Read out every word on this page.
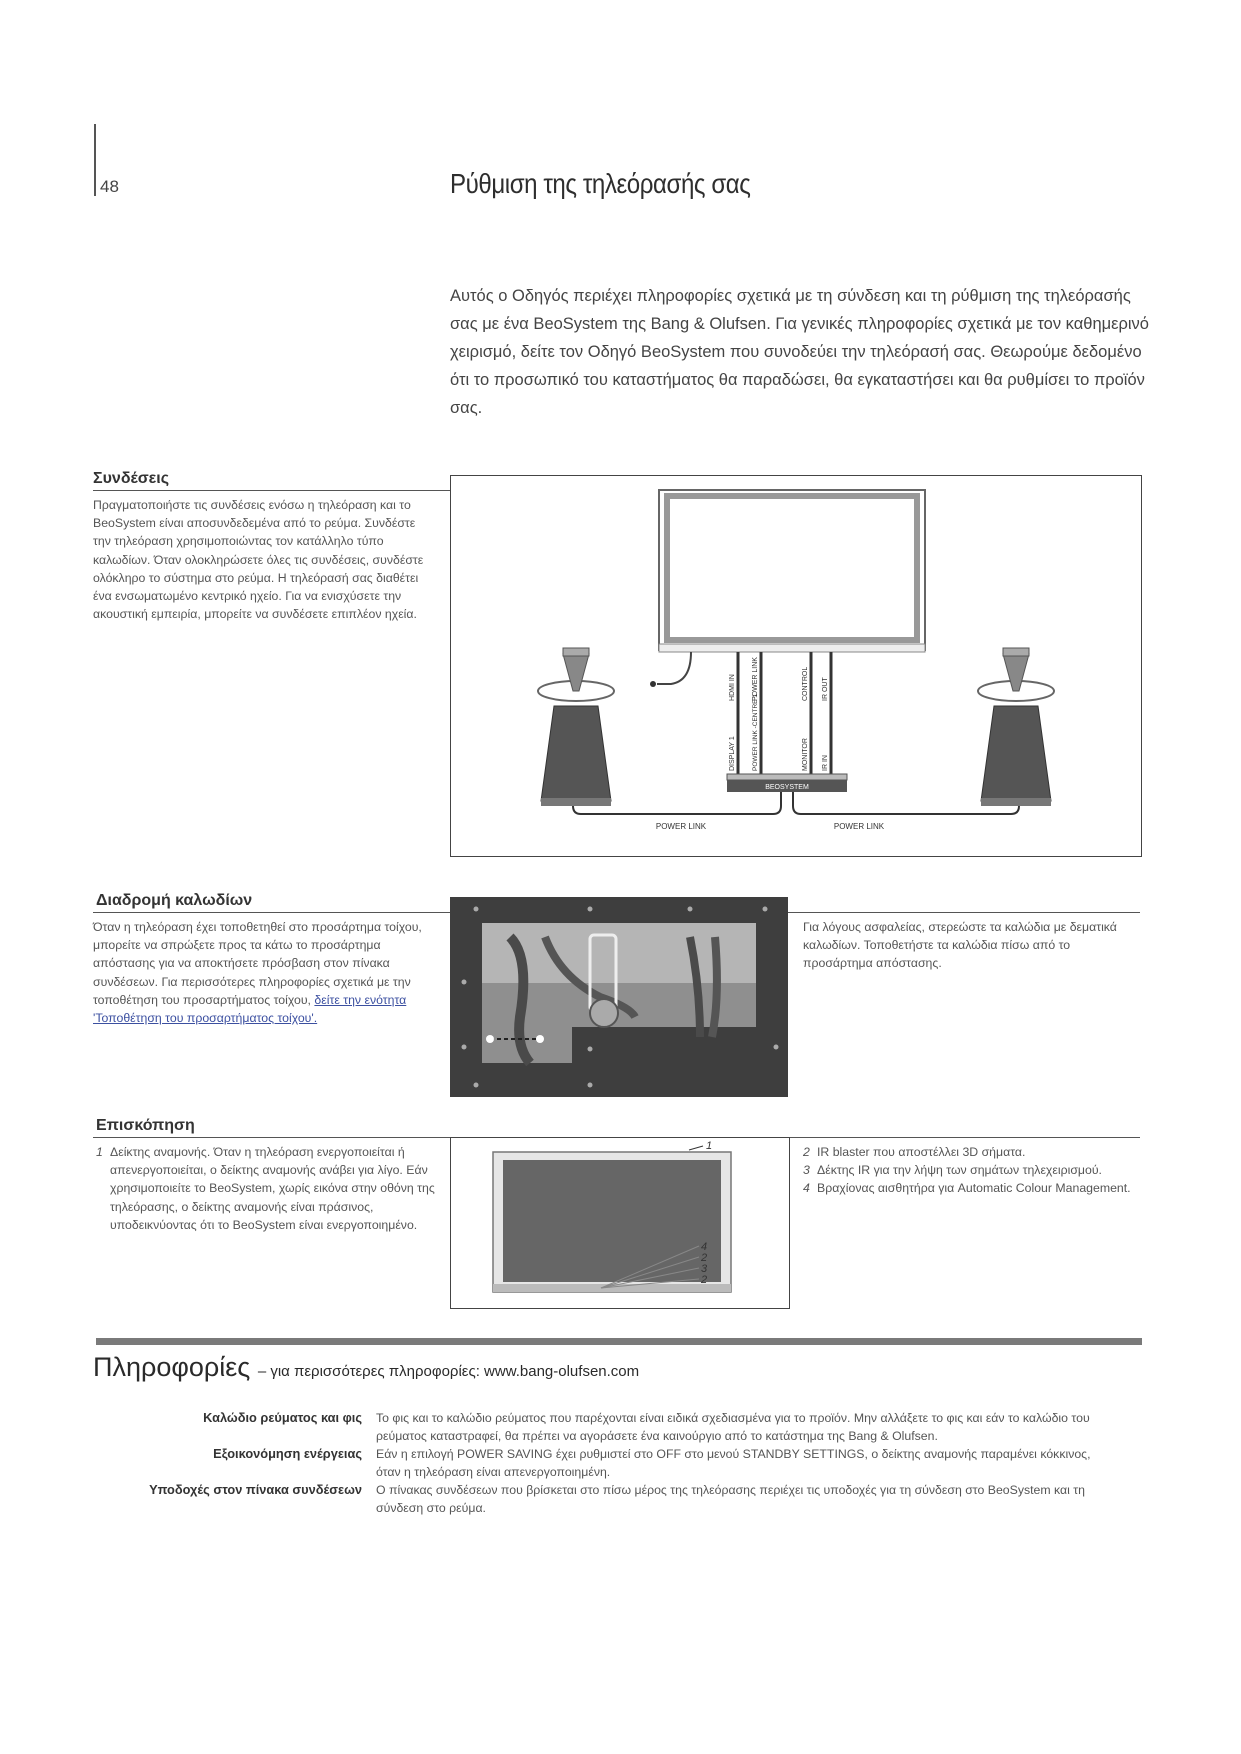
48	Ρύθμιση της τηλεόρασής σας
Αυτός ο Οδηγός περιέχει πληροφορίες σχετικά με τη σύνδεση και τη ρύθμιση της τηλεόρασής σας με ένα BeoSystem της Bang & Olufsen. Για γενικές πληροφορίες σχετικά με τον καθημερινό χειρισμό, δείτε τον Οδηγό BeoSystem που συνοδεύει την τηλεόρασή σας. Θεωρούμε δεδομένο ότι το προσωπικό του καταστήματος θα παραδώσει, θα εγκαταστήσει και θα ρυθμίσει το προϊόν σας.
Συνδέσεις
Πραγματοποιήστε τις συνδέσεις ενόσω η τηλεόραση και το BeoSystem είναι αποσυνδεδεμένα από το ρεύμα. Συνδέστε την τηλεόραση χρησιμοποιώντας τον κατάλληλο τύπο καλωδίων. Όταν ολοκληρώσετε όλες τις συνδέσεις, συνδέστε ολόκληρο το σύστημα στο ρεύμα. Η τηλεόρασή σας διαθέτει ένα ενσωματωμένο κεντρικό ηχείο. Για να ενισχύσετε την ακουστική εμπειρία, μπορείτε να συνδέσετε επιπλέον ηχεία.
HDMI IN POWER LINK	CONTROL IR OUT
DISPLAY 1 POWER LINK -CENTRE 1	MONITOR IR IN
BEOSYSTEM
POWER LINK	POWER LINK
Διαδρομή καλωδίων
Όταν η τηλεόραση έχει τοποθετηθεί στο προσάρτημα τοίχου, μπορείτε να σπρώξετε προς τα κάτω το προσάρτημα απόστασης για να αποκτήσετε πρόσβαση στον πίνακα συνδέσεων. Για περισσότερες πληροφορίες σχετικά με την τοποθέτηση του προσαρτήματος τοίχου, δείτε την ενότητα 'Τοποθέτηση του προσαρτήματος τοίχου'.
Για λόγους ασφαλείας, στερεώστε τα καλώδια με δεματικά καλωδίων. Τοποθετήστε τα καλώδια πίσω από το προσάρτημα απόστασης.
Επισκόπηση
1 Δείκτης αναμονής. Όταν η τηλεόραση ενεργοποιείται ή απενεργοποιείται, ο δείκτης αναμονής ανάβει για λίγο. Εάν χρησιμοποιείτε το BeoSystem, χωρίς εικόνα στην οθόνη της τηλεόρασης, ο δείκτης αναμονής είναι πράσινος, υποδεικνύοντας ότι το BeoSystem είναι ενεργοποιημένο.
1
4
2
3
2
2 IR blaster που αποστέλλει 3D σήματα.
3 Δέκτης IR για την λήψη των σημάτων τηλεχειρισμού.
4 Βραχίονας αισθητήρα για Automatic Colour Management.
Πληροφορίες – για περισσότερες πληροφορίες: www.bang-olufsen.com
Καλώδιο ρεύματος και φις	Το φις και το καλώδιο ρεύματος που παρέχονται είναι ειδικά σχεδιασμένα για το προϊόν. Μην αλλάξετε το φις και εάν το καλώδιο του ρεύματος καταστραφεί, θα πρέπει να αγοράσετε ένα καινούργιο από το κατάστημα της Bang & Olufsen.
Εξοικονόμηση ενέργειας	Εάν η επιλογή POWER SAVING έχει ρυθμιστεί στο OFF στο μενού STANDBY SETTINGS, ο δείκτης αναμονής παραμένει κόκκινος, όταν η τηλεόραση είναι απενεργοποιημένη.
Υποδοχές στον πίνακα συνδέσεων	Ο πίνακας συνδέσεων που βρίσκεται στο πίσω μέρος της τηλεόρασης περιέχει τις υποδοχές για τη σύνδεση στο BeoSystem και τη σύνδεση στο ρεύμα.
